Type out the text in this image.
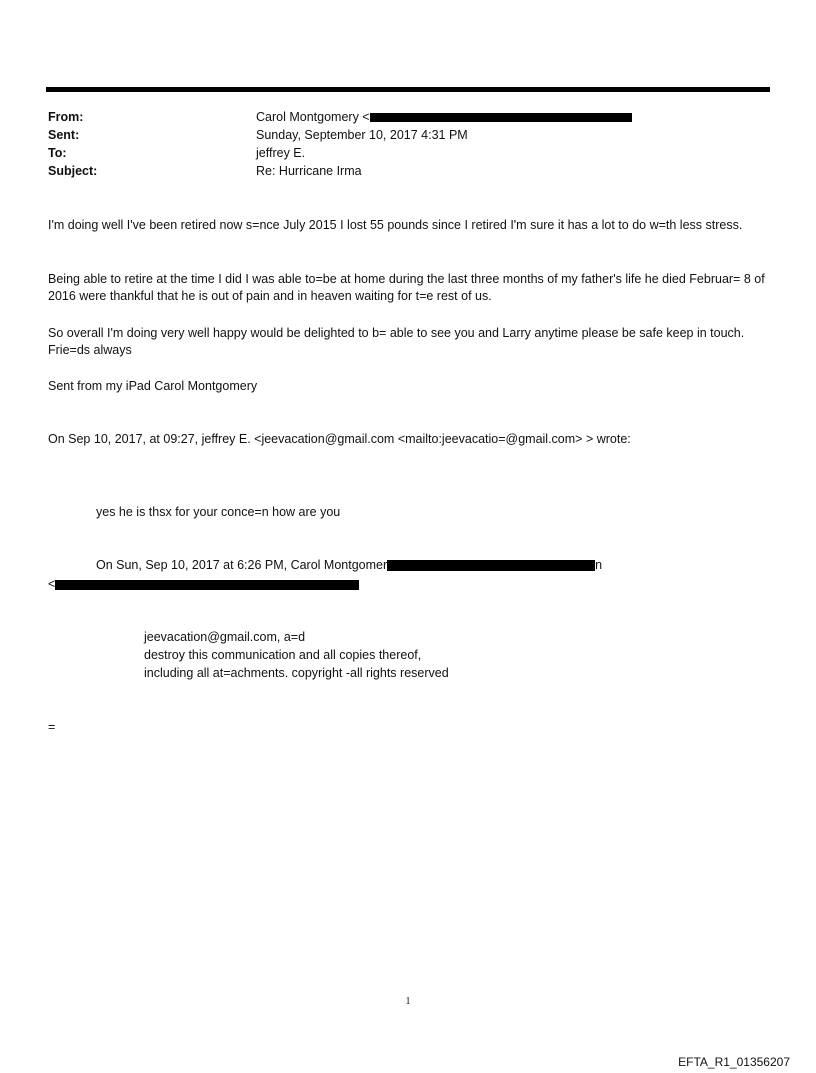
From:	Carol Montgomery <
Sent:	Sunday, September 10, 2017 4:31 PM
To:	jeffrey E.
Subject:	Re: Hurricane Irma
I'm doing well I've been retired now s=nce July 2015 I lost 55 pounds since I retired I'm sure it has a lot to do w=th less stress.
Being able to retire at the time I did I was able to=be at home during the last three months of my father's life he died Februar= 8 of 2016 were thankful that he is out of pain and in heaven waiting for t=e rest of us.
So overall I'm doing very well happy would be delighted to b= able to see you and Larry anytime please be safe keep in touch. Frie=ds always
Sent from my iPad Carol Montgomery
On Sep 10, 2017, at 09:27, jeffrey E. <jeevacation@gmail.com <mailto:jeevacatio=@gmail.com> > wrote:
yes he is thsx for your conce=n how are you
On Sun, Sep 10, 2017 at 6:26 PM, Carol Montgomer	n
<
jeevacation@gmail.com, a=d
destroy this communication and all copies thereof,
including all at=achments. copyright -all rights reserved
=
1
EFTA_R1_01356207
